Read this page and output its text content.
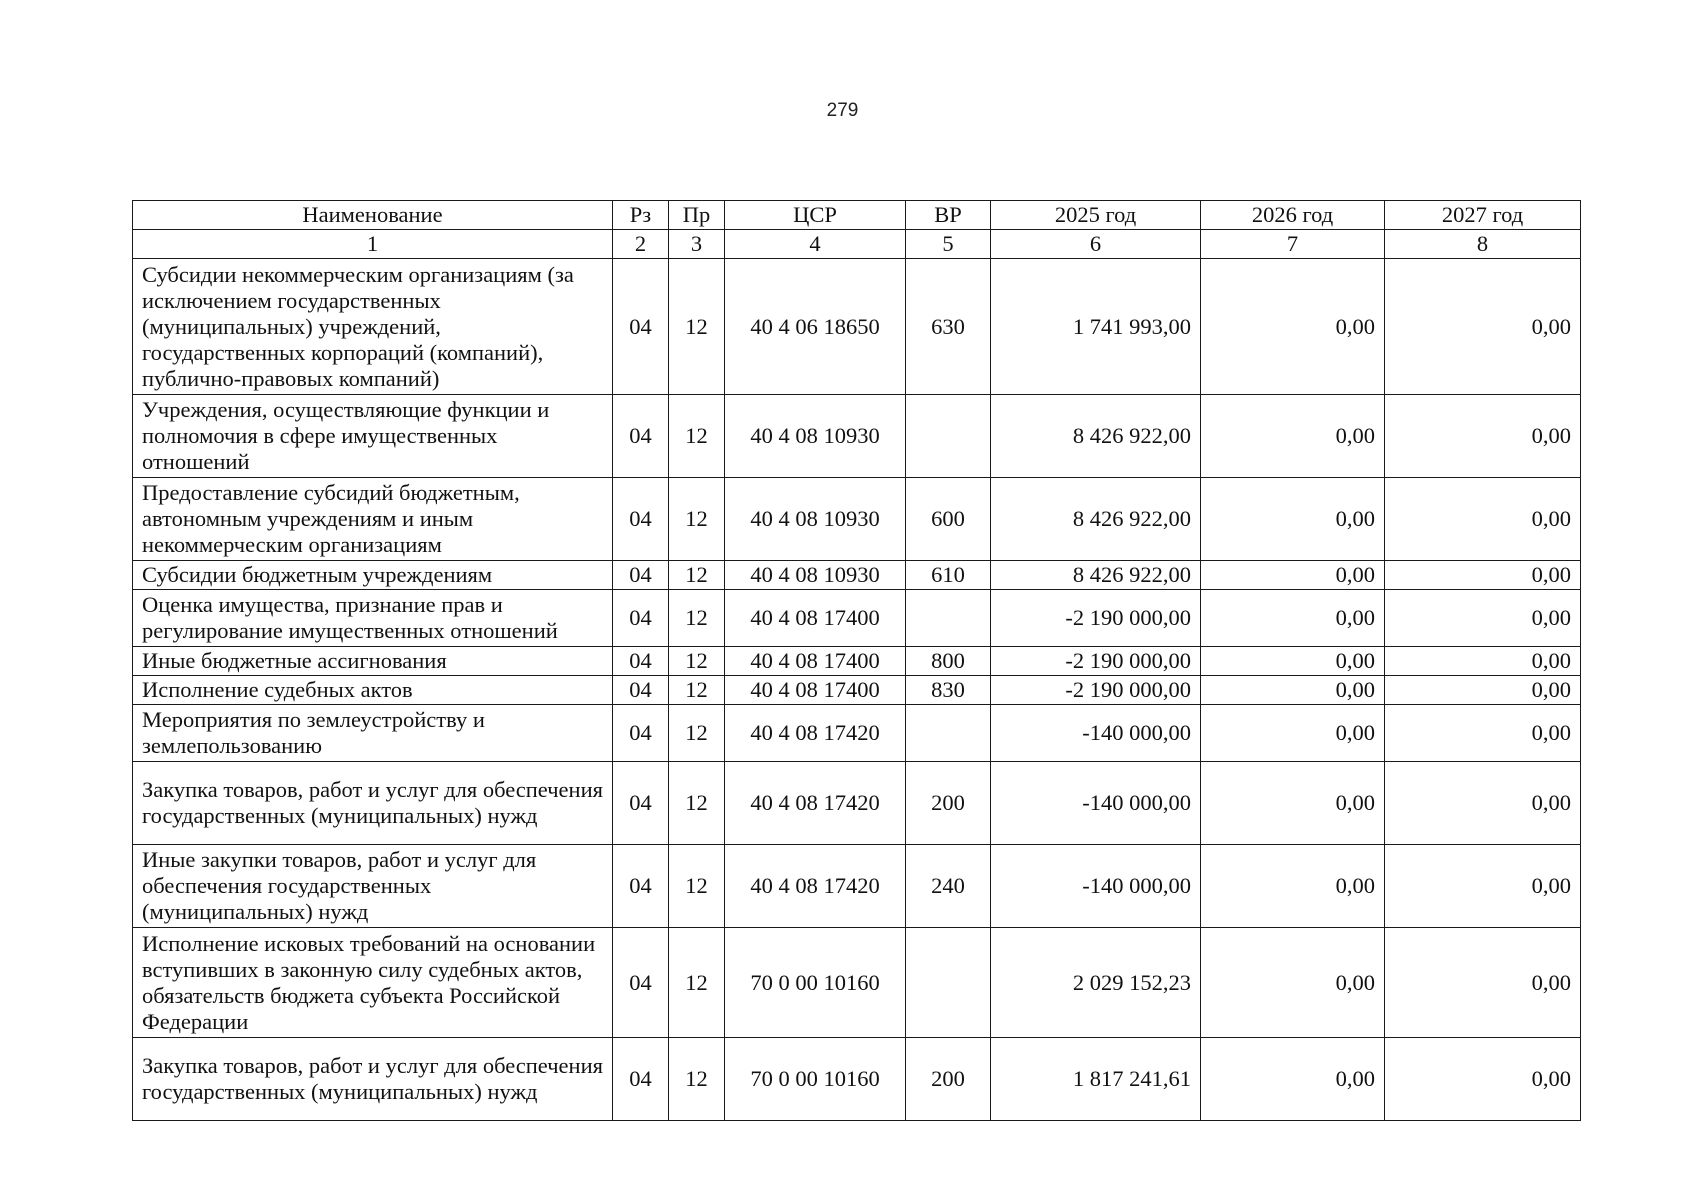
279
Наименование	Рз	Пр	ЦСР	ВР	2025 год	2026 год	2027 год
1	2	3	4	5	6	7	8
Субсидии некоммерческим организациям (за исключением государственных (муниципальных) учреждений, государственных корпораций (компаний), публично-правовых компаний)	04	12	40 4 06 18650	630	1 741 993,00	0,00	0,00
Учреждения, осуществляющие функции и полномочия в сфере имущественных отношений	04	12	40 4 08 10930		8 426 922,00	0,00	0,00
Предоставление субсидий бюджетным, автономным учреждениям и иным некоммерческим организациям	04	12	40 4 08 10930	600	8 426 922,00	0,00	0,00
Субсидии бюджетным учреждениям	04	12	40 4 08 10930	610	8 426 922,00	0,00	0,00
Оценка имущества, признание прав и регулирование имущественных отношений	04	12	40 4 08 17400		-2 190 000,00	0,00	0,00
Иные бюджетные ассигнования	04	12	40 4 08 17400	800	-2 190 000,00	0,00	0,00
Исполнение судебных актов	04	12	40 4 08 17400	830	-2 190 000,00	0,00	0,00
Мероприятия по землеустройству и землепользованию	04	12	40 4 08 17420		-140 000,00	0,00	0,00
Закупка товаров, работ и услуг для обеспечения государственных (муниципальных) нужд	04	12	40 4 08 17420	200	-140 000,00	0,00	0,00
Иные закупки товаров, работ и услуг для обеспечения государственных (муниципальных) нужд	04	12	40 4 08 17420	240	-140 000,00	0,00	0,00
Исполнение исковых требований на основании вступивших в законную силу судебных актов, обязательств бюджета субъекта Российской Федерации	04	12	70 0 00 10160		2 029 152,23	0,00	0,00
Закупка товаров, работ и услуг для обеспечения государственных (муниципальных) нужд	04	12	70 0 00 10160	200	1 817 241,61	0,00	0,00
